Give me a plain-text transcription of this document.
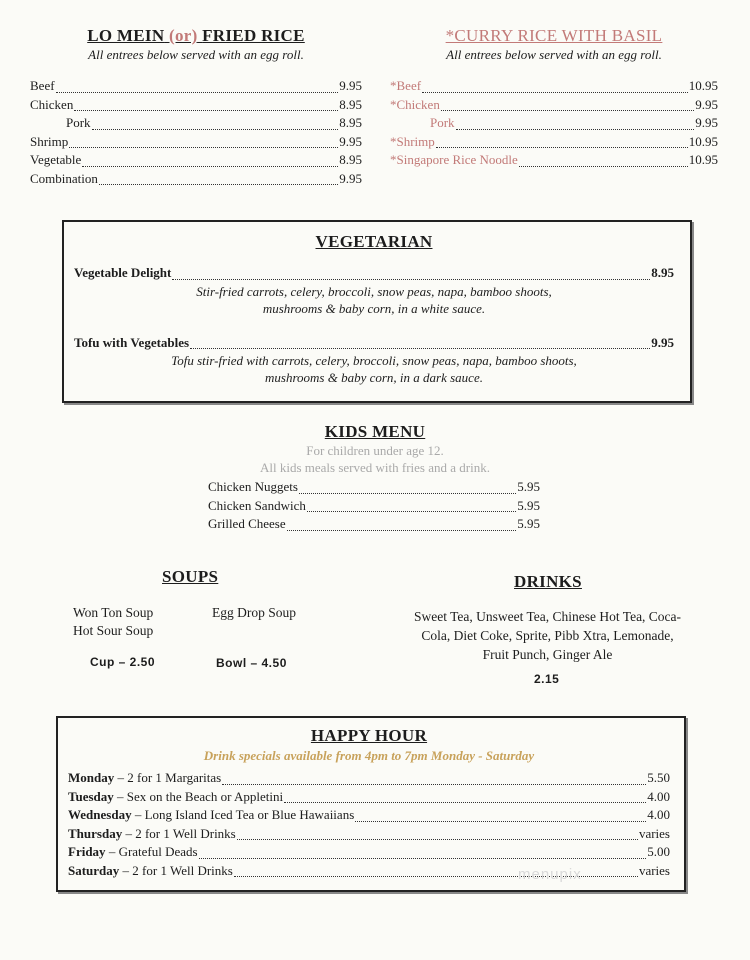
LO MEIN (or) FRIED RICE
All entrees below served with an egg roll.
Beef	9.95
Chicken	8.95
Pork	8.95
Shrimp	9.95
Vegetable	8.95
Combination	9.95
*CURRY RICE WITH BASIL
All entrees below served with an egg roll.
*Beef	10.95
*Chicken	9.95
Pork	9.95
*Shrimp	10.95
*Singapore Rice Noodle	10.95
VEGETARIAN
Vegetable Delight	8.95
Stir-fried carrots, celery, broccoli, snow peas, napa, bamboo shoots,
mushrooms & baby corn, in a white sauce.
Tofu with Vegetables	9.95
Tofu stir-fried with carrots, celery, broccoli, snow peas, napa, bamboo shoots,
mushrooms & baby corn, in a dark sauce.
KIDS MENU
For children under age 12.
All kids meals served with fries and a drink.
Chicken Nuggets	5.95
Chicken Sandwich	5.95
Grilled Cheese	5.95
SOUPS
Won Ton Soup
Hot Sour Soup
Egg Drop Soup
Cup – 2.50	Bowl – 4.50
DRINKS
Sweet Tea, Unsweet Tea, Chinese Hot Tea, Coca-
Cola, Diet Coke, Sprite, Pibb Xtra, Lemonade,
Fruit Punch, Ginger Ale
2.15
HAPPY HOUR
Drink specials available from 4pm to 7pm Monday - Saturday
Monday – 2 for 1 Margaritas	5.50
Tuesday – Sex on the Beach or Appletini	4.00
Wednesday – Long Island Iced Tea or Blue Hawaiians	4.00
Thursday – 2 for 1 Well Drinks	varies
Friday – Grateful Deads	5.00
Saturday – 2 for 1 Well Drinks	varies
menupix
